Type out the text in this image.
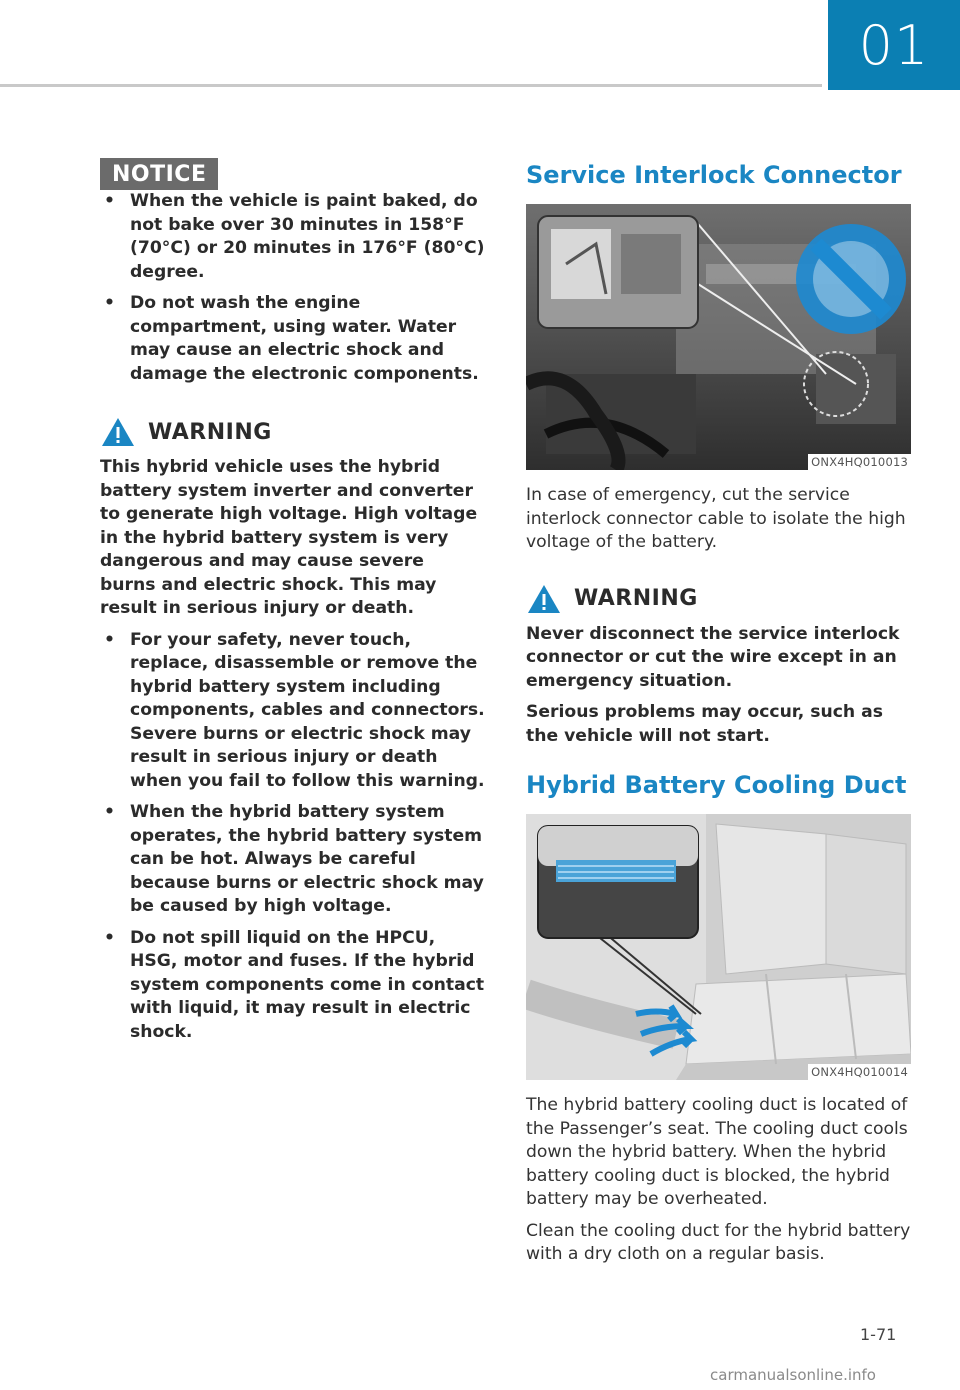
01
NOTICE
• When the vehicle is paint baked, do not bake over 30 minutes in 158°F (70°C) or 20 minutes in 176°F (80°C) degree.
• Do not wash the engine compartment, using water. Water may cause an electric shock and damage the electronic components.
WARNING

This hybrid vehicle uses the hybrid battery system inverter and converter to generate high voltage. High voltage in the hybrid battery system is very dangerous and may cause severe burns and electric shock. This may result in serious injury or death.

• For your safety, never touch, replace, disassemble or remove the hybrid battery system including components, cables and connectors. Severe burns or electric shock may result in serious injury or death when you fail to follow this warning.
• When the hybrid battery system operates, the hybrid battery system can be hot. Always be careful because burns or electric shock may be caused by high voltage.
• Do not spill liquid on the HPCU, HSG, motor and fuses. If the hybrid system components come in contact with liquid, it may result in electric shock.
Service Interlock Connector
ONX4HQ010013

In case of emergency, cut the service interlock connector cable to isolate the high voltage of the battery.

WARNING

Never disconnect the service interlock connector or cut the wire except in an emergency situation.

Serious problems may occur, such as the vehicle will not start.

Hybrid Battery Cooling Duct
ONX4HQ010014

The hybrid battery cooling duct is located of the Passenger’s seat. The cooling duct cools down the hybrid battery. When the hybrid battery cooling duct is blocked, the hybrid battery may be overheated.

Clean the cooling duct for the hybrid battery with a dry cloth on a regular basis.

1-71
carmanualsonline.info
